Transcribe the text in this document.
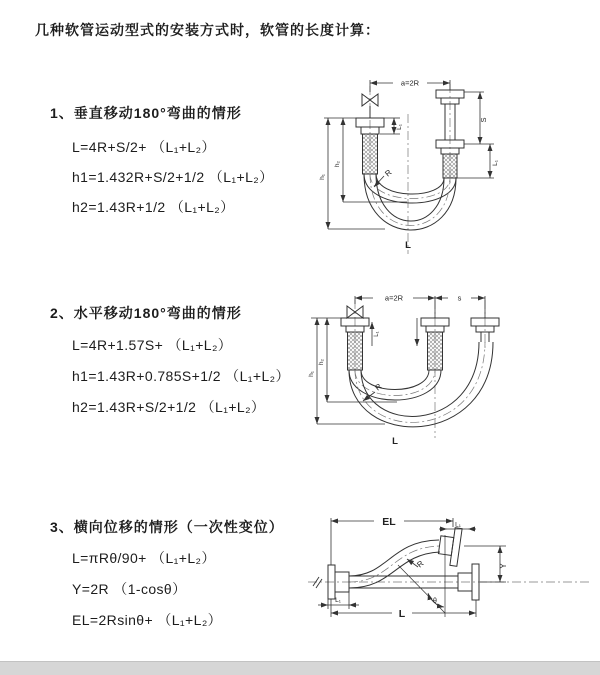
几种软管运动型式的安装方式时，软管的长度计算：
1、垂直移动180°弯曲的情形
L=4R+S/2+ （L₁+L₂）
h1=1.432R+S/2+1/2 （L₁+L₂）
h2=1.43R+1/2 （L₁+L₂）
2、水平移动180°弯曲的情形
L=4R+1.57S+ （L₁+L₂）
h1=1.43R+0.785S+1/2 （L₁+L₂）
h2=1.43R+S/2+1/2 （L₁+L₂）
3、横向位移的情形（一次性变位）
L=πRθ/90+ （L₁+L₂）
Y=2R （1-cosθ）
EL=2Rsinθ+ （L₁+L₂）
a=2R
S
L₁
L₁
h₂
h₁	R
L
a=2R	s
L₁
h₂
h₁
R
L
EL	L₁
Y
R
θ
L
L₁
